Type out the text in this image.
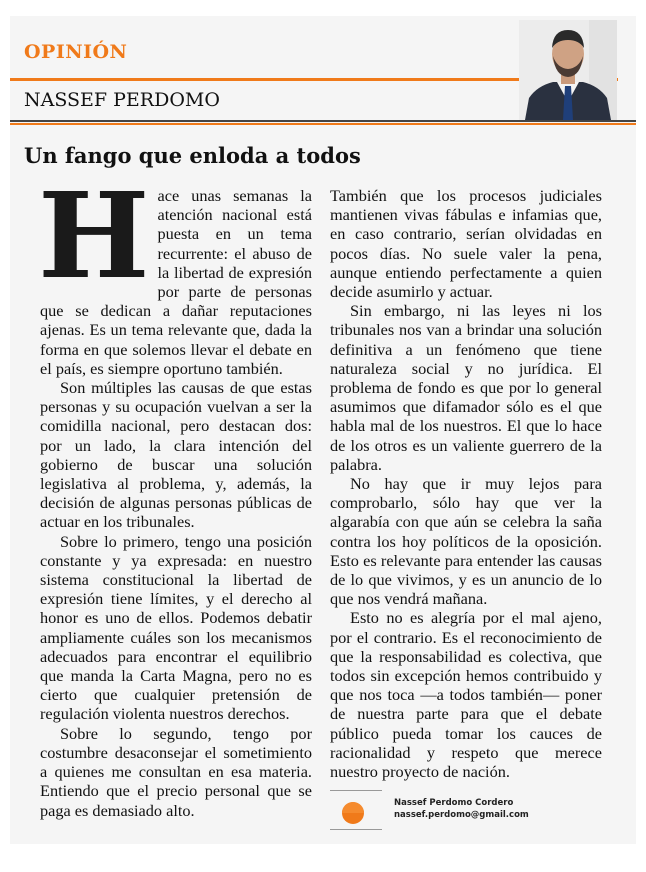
OPINIÓN
NASSEF PERDOMO
Un fango que enloda a todos

Hace unas semanas la atención nacional está puesta en un tema recurrente: el abuso de la libertad de expresión por parte de personas que se dedican a dañar reputaciones ajenas. Es un tema relevante que, dada la forma en que solemos llevar el debate en el país, es siempre oportuno también.

Son múltiples las causas de que estas personas y su ocupación vuelvan a ser la comidilla nacional, pero destacan dos: por un lado, la clara intención del gobierno de buscar una solución legislativa al problema, y, además, la decisión de algunas personas públicas de actuar en los tribunales.

Sobre lo primero, tengo una posición constante y ya expresada: en nuestro sistema constitucional la libertad de expresión tiene límites, y el derecho al honor es uno de ellos. Podemos debatir ampliamente cuáles son los mecanismos adecuados para encontrar el equilibrio que manda la Carta Magna, pero no es cierto que cualquier pretensión de regulación violenta nuestros derechos.

Sobre lo segundo, tengo por costumbre desaconsejar el sometimiento a quienes me consultan en esa materia. Entiendo que el precio personal que se paga es demasiado alto.

También que los procesos judiciales mantienen vivas fábulas e infamias que, en caso contrario, serían olvidadas en pocos días. No suele valer la pena, aunque entiendo perfectamente a quien decide asumirlo y actuar.

Sin embargo, ni las leyes ni los tribunales nos van a brindar una solución definitiva a un fenómeno que tiene naturaleza social y no jurídica. El problema de fondo es que por lo general asumimos que difamador sólo es el que habla mal de los nuestros. El que lo hace de los otros es un valiente guerrero de la palabra.

No hay que ir muy lejos para comprobarlo, sólo hay que ver la algarabía con que aún se celebra la saña contra los hoy políticos de la oposición. Esto es relevante para entender las causas de lo que vivimos, y es un anuncio de lo que nos vendrá mañana.

Esto no es alegría por el mal ajeno, por el contrario. Es el reconocimiento de que la responsabilidad es colectiva, que todos sin excepción hemos contribuido y que nos toca —a todos también— poner de nuestra parte para que el debate público pueda tomar los cauces de racionalidad y respeto que merece nuestro proyecto de nación.

Nassef Perdomo Cordero
nassef.perdomo@gmail.com
